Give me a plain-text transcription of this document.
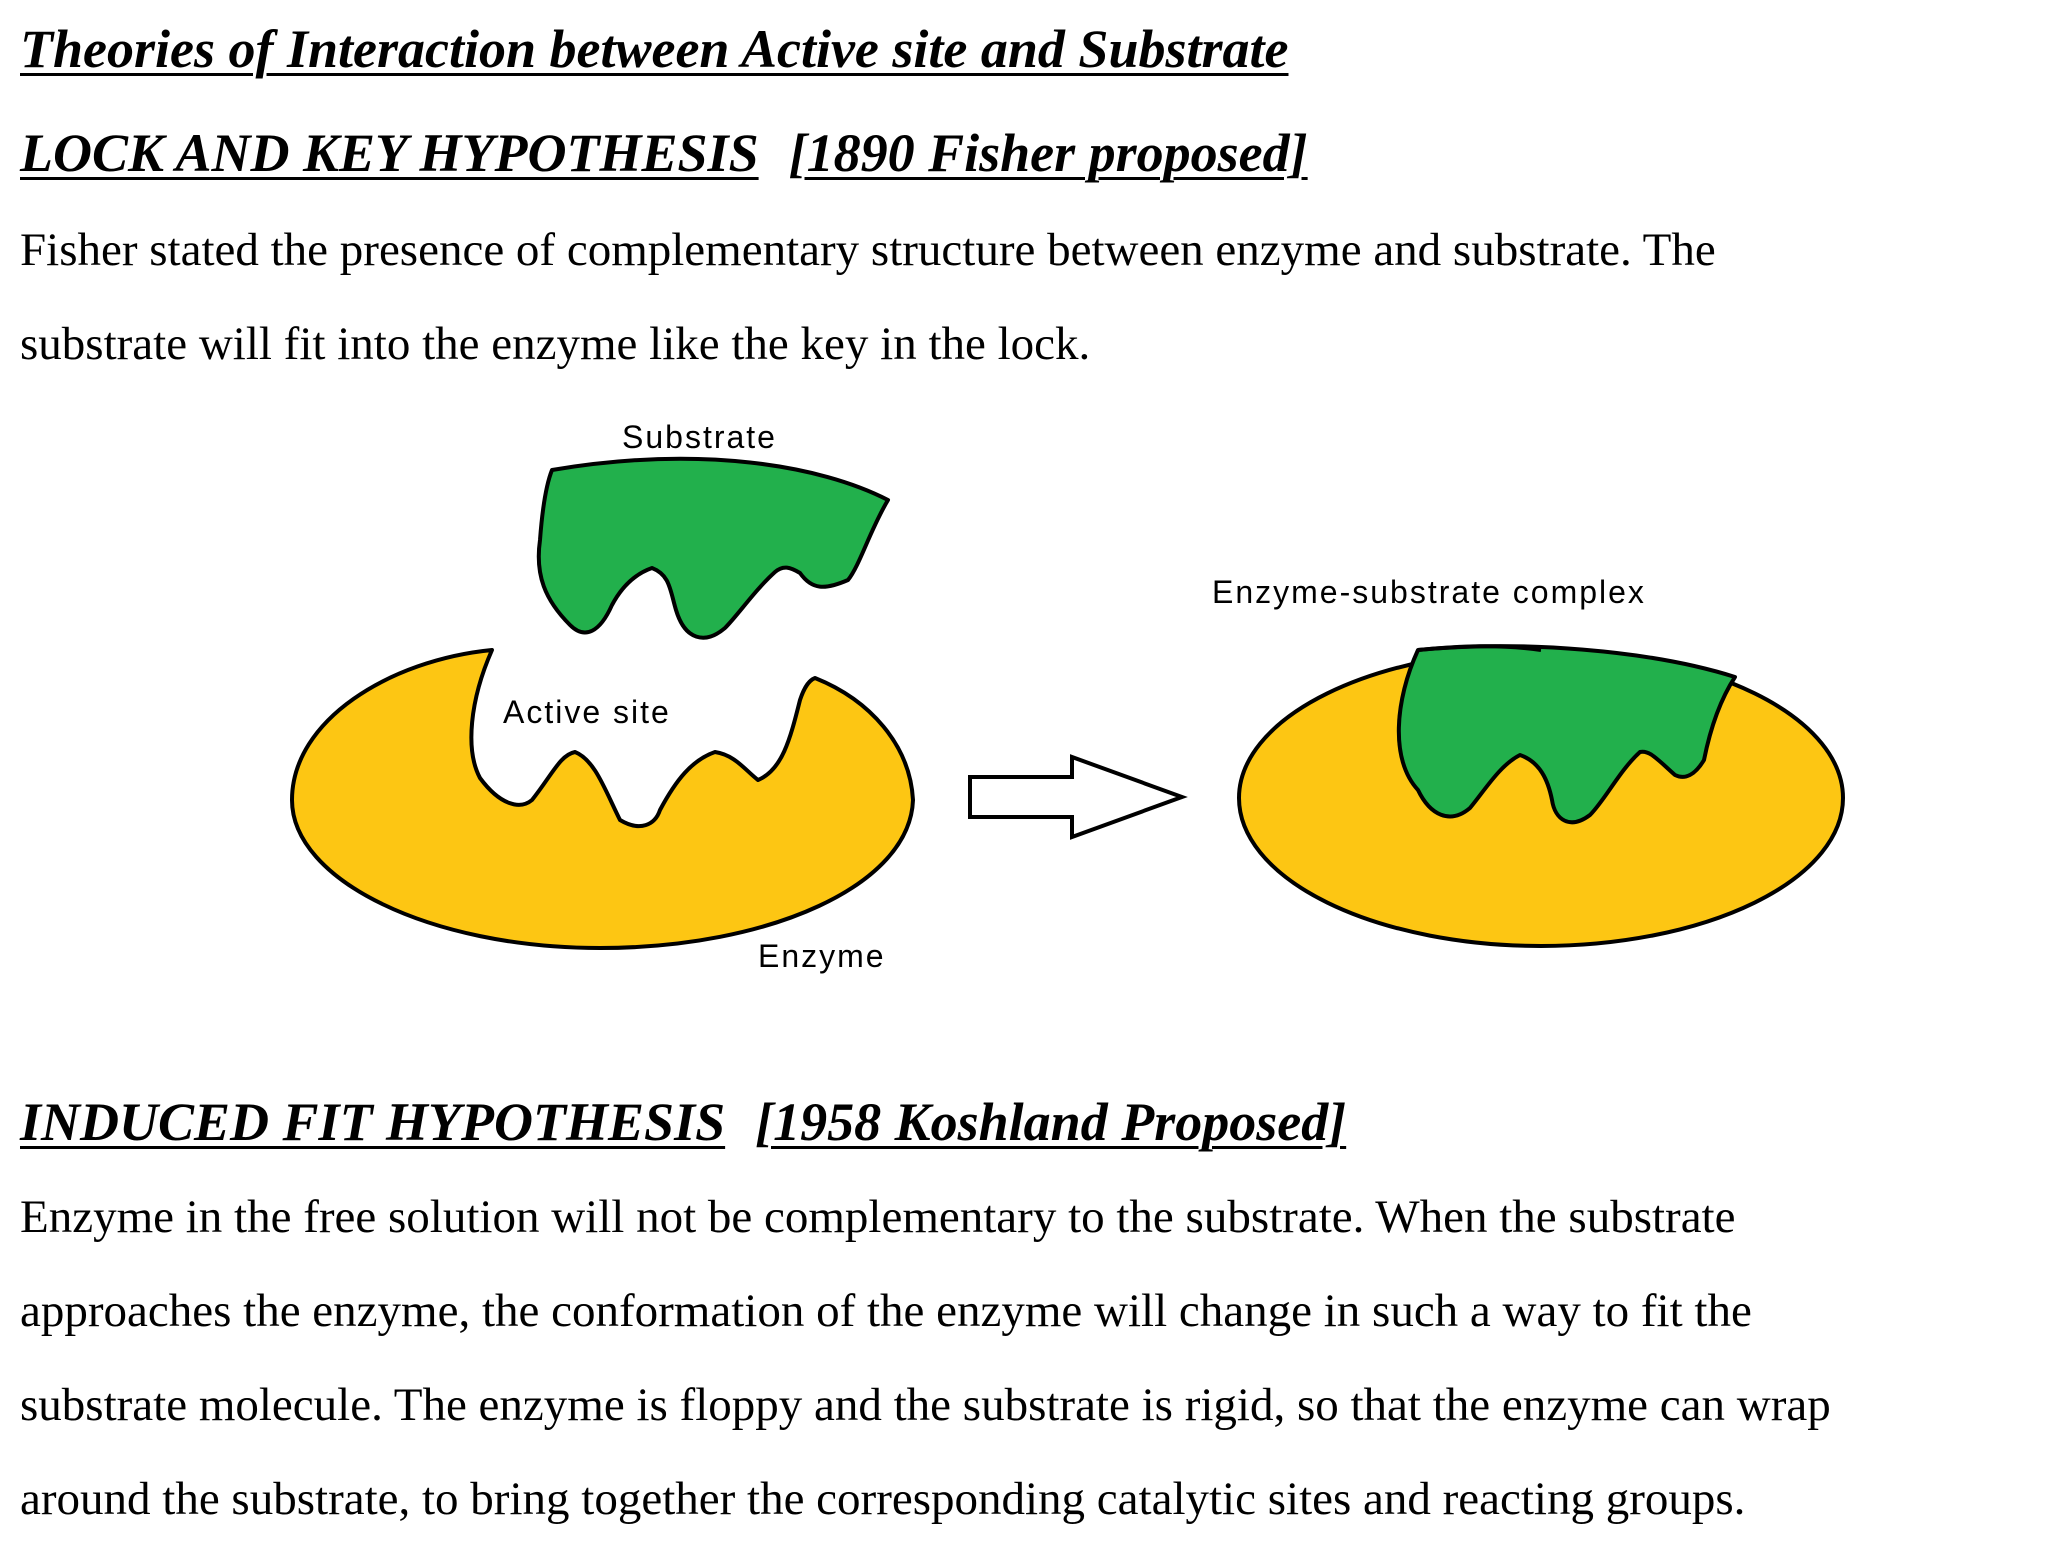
Theories of Interaction between Active site and Substrate
LOCK AND KEY HYPOTHESIS [1890 Fisher proposed]

Fisher stated the presence of complementary structure between enzyme and substrate. The
substrate will fit into the enzyme like the key in the lock.

Substrate
Active site
Enzyme
Enzyme-substrate complex
INDUCED FIT HYPOTHESIS [1958 Koshland Proposed]

Enzyme in the free solution will not be complementary to the substrate. When the substrate
approaches the enzyme, the conformation of the enzyme will change in such a way to fit the
substrate molecule. The enzyme is floppy and the substrate is rigid, so that the enzyme can wrap
around the substrate, to bring together the corresponding catalytic sites and reacting groups.
